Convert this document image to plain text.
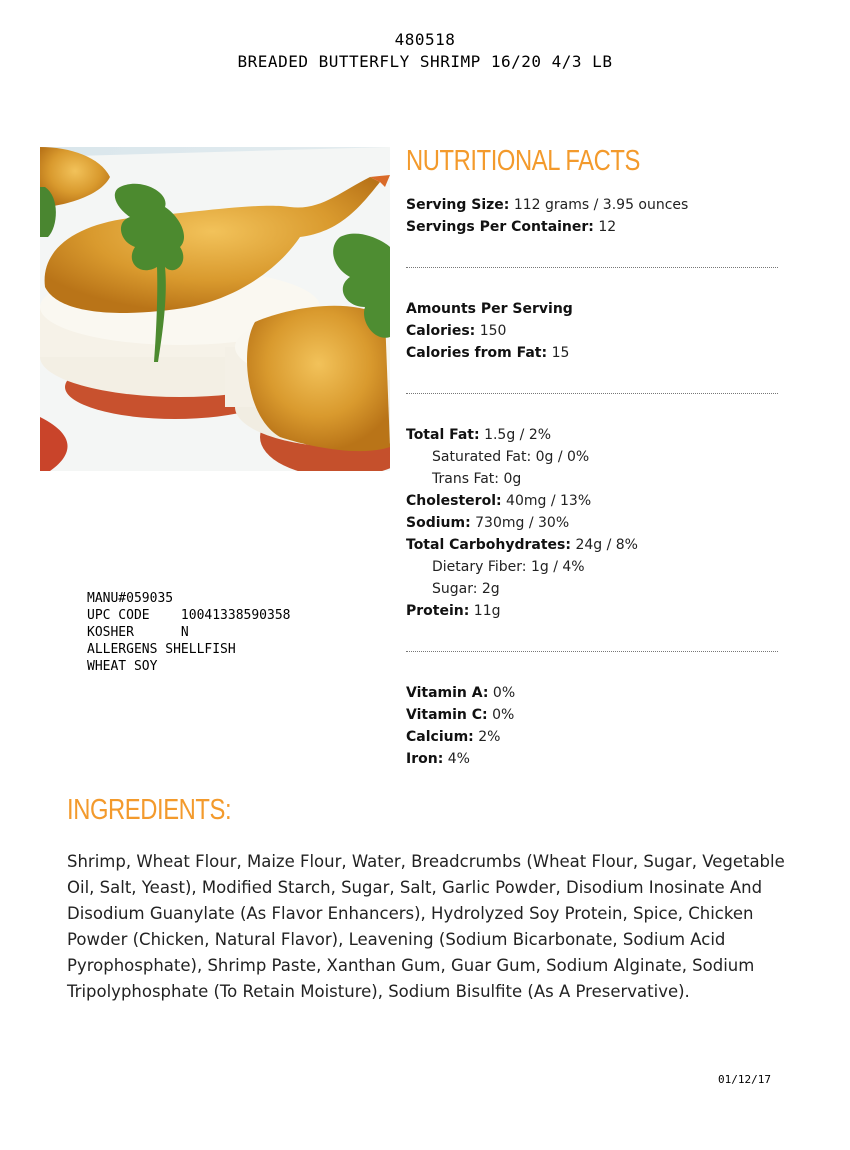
480518
BREADED BUTTERFLY SHRIMP 16/20 4/3 LB
MANU#059035
UPC CODE    10041338590358
KOSHER      N
ALLERGENS SHELLFISH
WHEAT SOY
NUTRITIONAL FACTS
Serving Size: 112 grams / 3.95 ounces
Servings Per Container: 12
Amounts Per Serving
Calories: 150
Calories from Fat: 15
Total Fat: 1.5g / 2%
Saturated Fat: 0g / 0%
Trans Fat: 0g
Cholesterol: 40mg / 13%
Sodium: 730mg / 30%
Total Carbohydrates: 24g / 8%
Dietary Fiber: 1g / 4%
Sugar: 2g
Protein: 11g
Vitamin A: 0%
Vitamin C: 0%
Calcium: 2%
Iron: 4%
INGREDIENTS:
Shrimp, Wheat Flour, Maize Flour, Water, Breadcrumbs (Wheat Flour, Sugar, Vegetable Oil, Salt, Yeast), Modified Starch, Sugar, Salt, Garlic Powder, Disodium Inosinate And Disodium Guanylate (As Flavor Enhancers), Hydrolyzed Soy Protein, Spice, Chicken Powder (Chicken, Natural Flavor), Leavening (Sodium Bicarbonate, Sodium Acid Pyrophosphate), Shrimp Paste, Xanthan Gum, Guar Gum, Sodium Alginate, Sodium Tripolyphosphate (To Retain Moisture), Sodium Bisulfite (As A Preservative).
01/12/17
